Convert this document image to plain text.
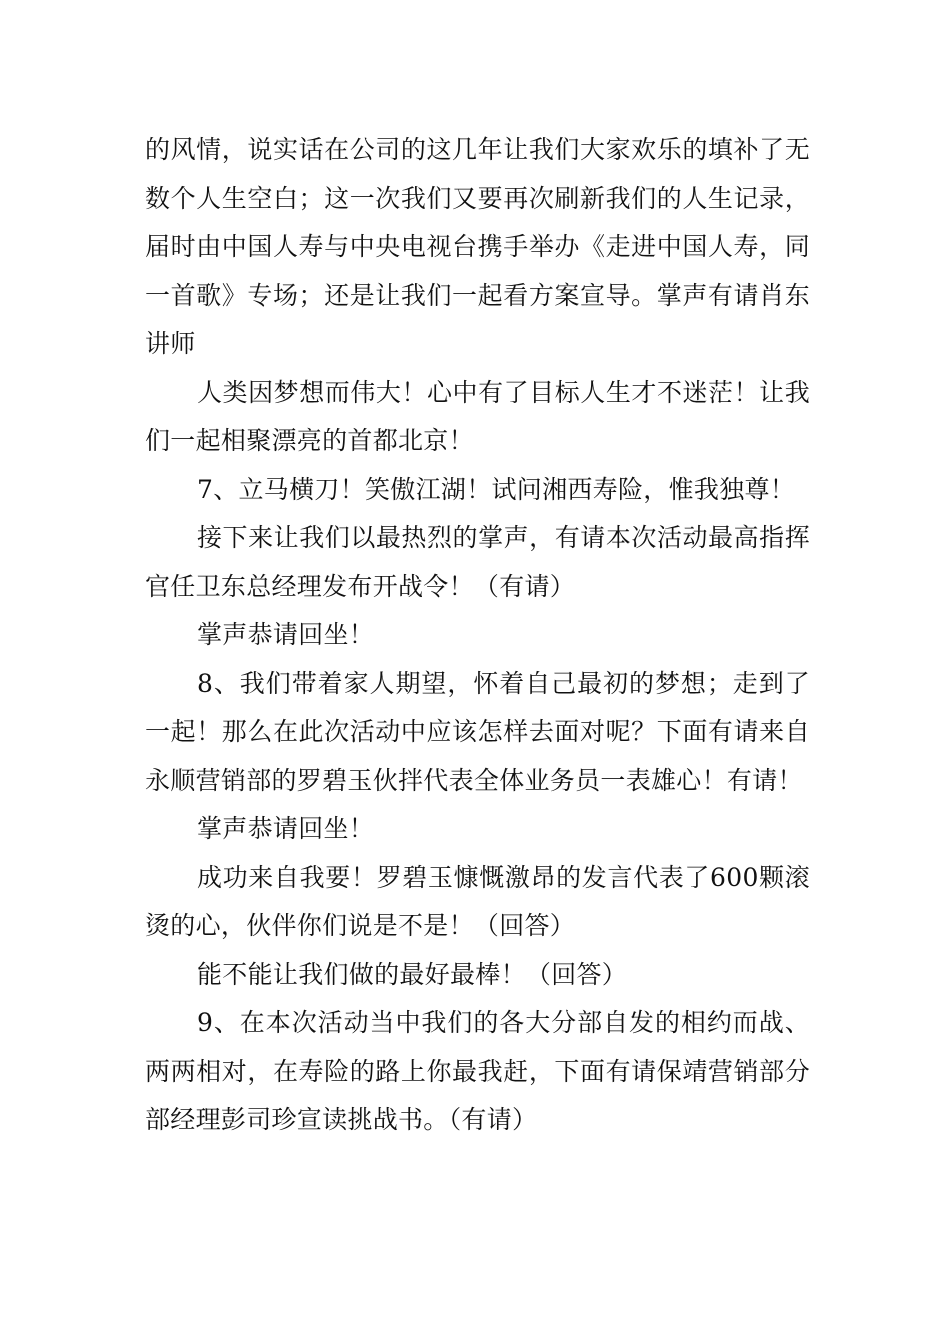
的风情，说实话在公司的这几年让我们大家欢乐的填补了无数个人生空白；这一次我们又要再次刷新我们的人生记录，届时由中国人寿与中央电视台携手举办《走进中国人寿，同一首歌》专场；还是让我们一起看方案宣导。掌声有请肖东讲师

人类因梦想而伟大！心中有了目标人生才不迷茫！让我们一起相聚漂亮的首都北京！

7、立马横刀！笑傲江湖！试问湘西寿险，惟我独尊！

接下来让我们以最热烈的掌声，有请本次活动最高指挥官任卫东总经理发布开战令！（有请）

掌声恭请回坐！

8、我们带着家人期望，怀着自己最初的梦想；走到了一起！那么在此次活动中应该怎样去面对呢？下面有请来自永顺营销部的罗碧玉伙拌代表全体业务员一表雄心！有请！

掌声恭请回坐！

成功来自我要！罗碧玉慷慨激昂的发言代表了600颗滚烫的心，伙伴你们说是不是！（回答）

能不能让我们做的最好最棒！（回答）

9、在本次活动当中我们的各大分部自发的相约而战、两两相对，在寿险的路上你最我赶，下面有请保靖营销部分部经理彭司珍宣读挑战书。（有请）
